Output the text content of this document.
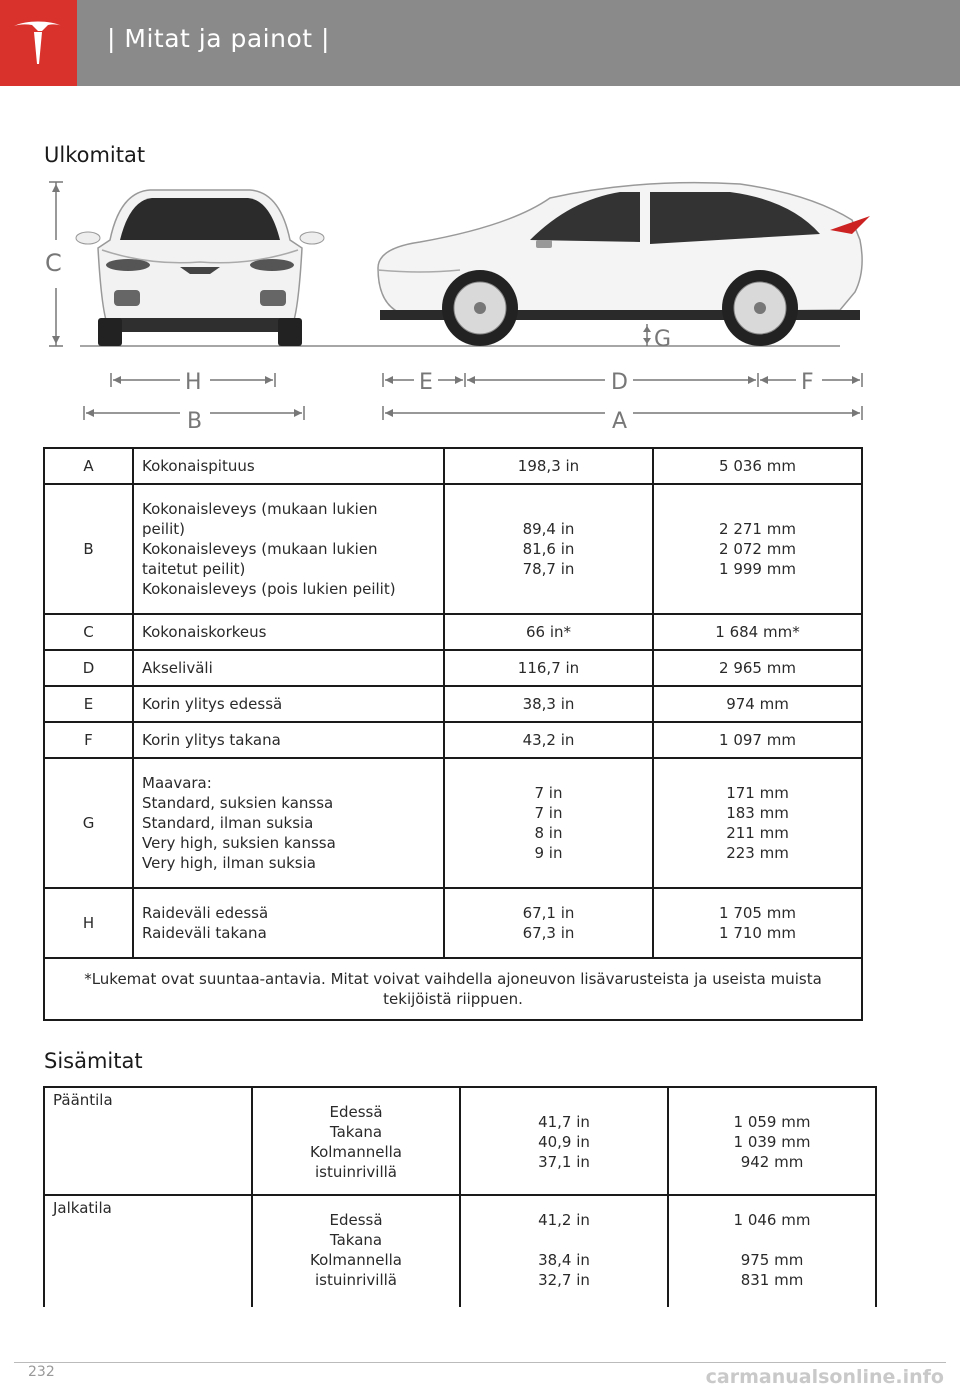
| Mitat ja painot |
Ulkomitat
C
G
H
B
E	D	F
A
A	Kokonaispituus	198,3 in	5 036 mm

B	Kokonaisleveys (mukaan lukien
peilit)
Kokonaisleveys (mukaan lukien
taitetut peilit)
Kokonaisleveys (pois lukien peilit)	89,4 in
81,6 in
78,7 in	2 271 mm
2 072 mm
1 999 mm

C	Kokonaiskorkeus	66 in*	1 684 mm*

D	Akseliväli	116,7 in	2 965 mm

E	Korin ylitys edessä	38,3 in	974 mm

F	Korin ylitys takana	43,2 in	1 097 mm

G	Maavara:
Standard, suksien kanssa
Standard, ilman suksia
Very high, suksien kanssa
Very high, ilman suksia	7 in
7 in
8 in
9 in	171 mm
183 mm
211 mm
223 mm

H	Raideväli edessä
Raideväli takana	67,1 in
67,3 in	1 705 mm
1 710 mm

*Lukemat ovat suuntaa-antavia. Mitat voivat vaihdella ajoneuvon lisävarusteista ja useista muista tekijöistä riippuen.			
Sisämitat
Pääntila	Edessä
Takana
Kolmannella
istuinrivillä	41,7 in
40,9 in
37,1 in	1 059 mm
1 039 mm
942 mm

Jalkatila	Edessä
Takana
Kolmannella
istuinrivillä	41,2 in
38,4 in
32,7 in	1 046 mm
975 mm
831 mm
232	carmanualsonline.info
